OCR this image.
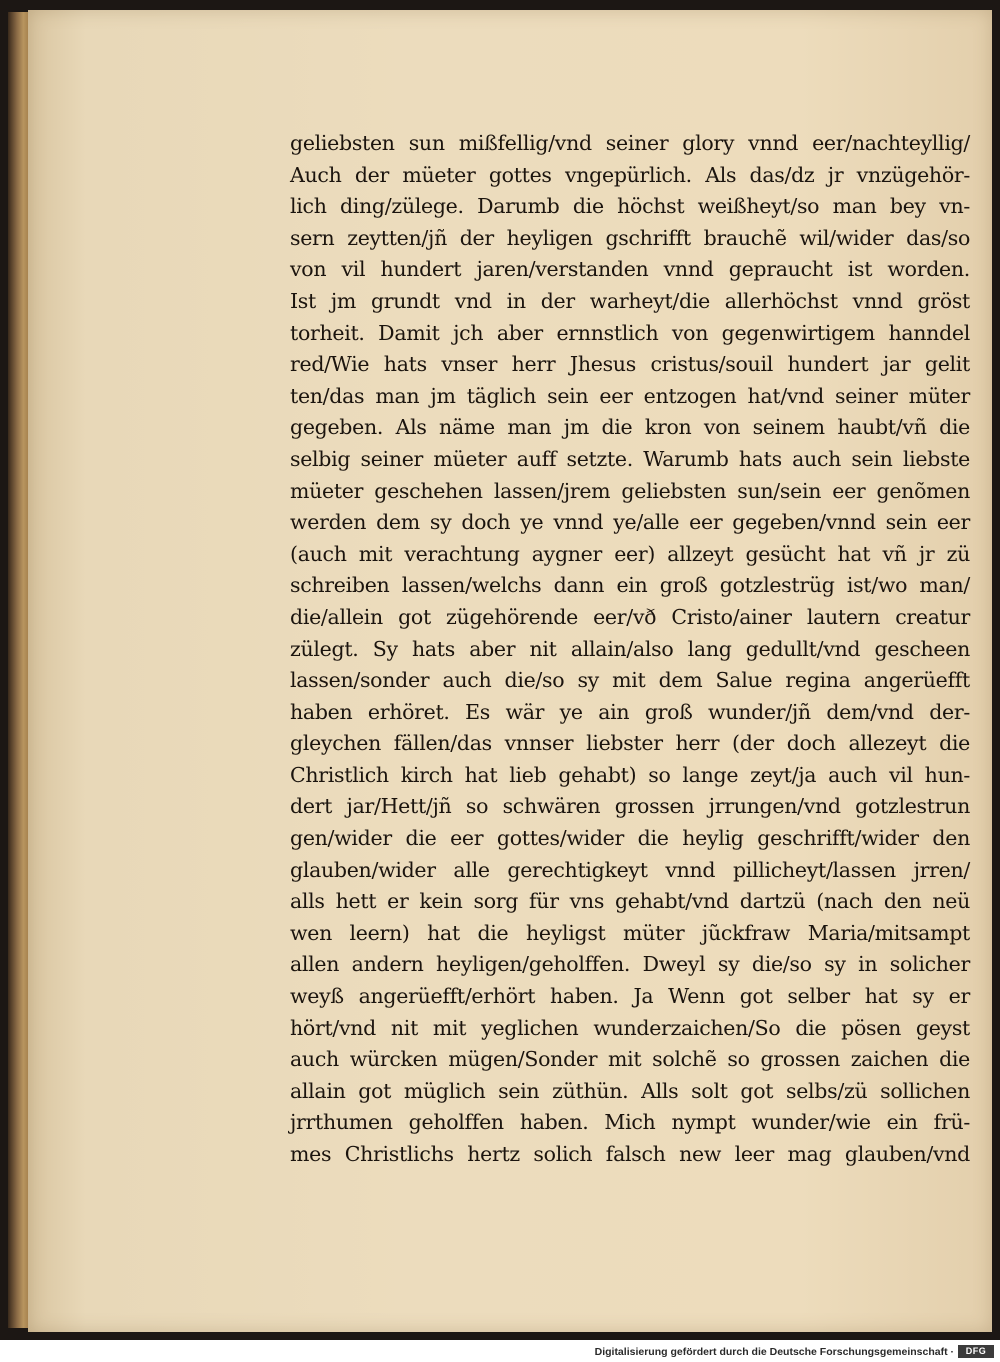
geliebsten sun mißfellig/vnd seiner glory vnnd eer/nachteyllig/
Auch der müeter gottes vngepürlich. Als das/dz jr vnzügehör-
lich ding/zülege. Darumb die höchst weißheyt/so man bey vn-
sern zeytten/jñ der heyligen gschrifft brauchẽ wil/wider das/so
von vil hundert jaren/verstanden vnnd gepraucht ist worden.
Ist jm grundt vnd in der warheyt/die allerhöchst vnnd gröst
torheit. Damit jch aber ernnstlich von gegenwirtigem hanndel
red/Wie hats vnser herr Jhesus cristus/souil hundert jar gelit
ten/das man jm täglich sein eer entzogen hat/vnd seiner müter
gegeben. Als näme man jm die kron von seinem haubt/vñ die
selbig seiner müeter auff setzte. Warumb hats auch sein liebste
müeter geschehen lassen/jrem geliebsten sun/sein eer genõmen
werden dem sy doch ye vnnd ye/alle eer gegeben/vnnd sein eer
(auch mit verachtung aygner eer) allzeyt gesücht hat vñ jr zü
schreiben lassen/welchs dann ein groß gotzlestrüg ist/wo man/
die/allein got zügehörende eer/vð Cristo/ainer lautern creatur
zülegt. Sy hats aber nit allain/also lang gedullt/vnd gescheen
lassen/sonder auch die/so sy mit dem Salue regina angerüefft
haben erhöret. Es wär ye ain groß wunder/jñ dem/vnd der-
gleychen fällen/das vnnser liebster herr (der doch allezeyt die
Christlich kirch hat lieb gehabt) so lange zeyt/ja auch vil hun-
dert jar/Hett/jñ so schwären grossen jrrungen/vnd gotzlestrun
gen/wider die eer gottes/wider die heylig geschrifft/wider den
glauben/wider alle gerechtigkeyt vnnd pillicheyt/lassen jrren/
alls hett er kein sorg für vns gehabt/vnd dartzü (nach den neü
wen leern) hat die heyligst müter jũckfraw Maria/mitsampt
allen andern heyligen/geholffen. Dweyl sy die/so sy in solicher
weyß angerüefft/erhört haben. Ja Wenn got selber hat sy er
hört/vnd nit mit yeglichen wunderzaichen/So die pösen geyst
auch würcken mügen/Sonder mit solchẽ so grossen zaichen die
allain got müglich sein züthün. Alls solt got selbs/zü sollichen
jrrthumen geholffen haben. Mich nympt wunder/wie ein frü-
mes Christlichs hertz solich falsch new leer mag glauben/vnd
Digitalisierung gefördert durch die Deutsche Forschungsgemeinschaft ·	DFG
